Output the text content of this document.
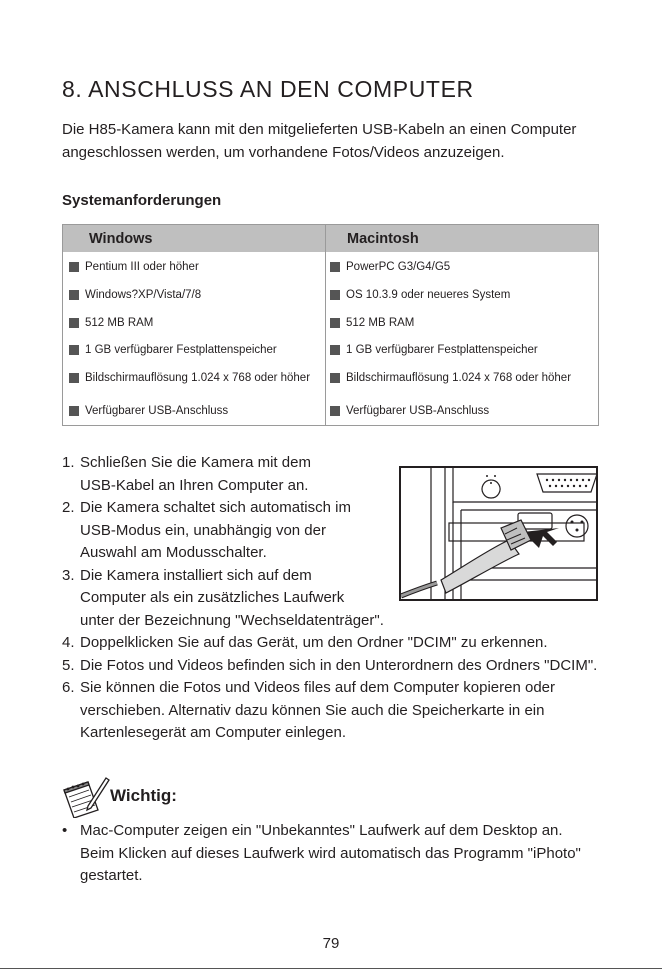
8. ANSCHLUSS AN DEN COMPUTER

Die H85-Kamera kann mit den mitgelieferten USB-Kabeln an einen Computer

angeschlossen werden, um vorhandene Fotos/Videos anzuzeigen.

Systemanforderungen
Windows	Macintosh
Pentium III oder höher
Windows?XP/Vista/7/8
512 MB RAM
1 GB verfügbarer Festplattenspeicher
Bildschirmauflösung 1.024 x 768 oder höher
Verfügbarer USB-Anschluss
PowerPC G3/G4/G5
OS 10.3.9 oder neueres System
512 MB RAM
1 GB verfügbarer Festplattenspeicher
Bildschirmauflösung 1.024 x 768 oder höher
Verfügbarer USB-Anschluss
1. Schließen Sie die Kamera mit dem
USB-Kabel an Ihren Computer an.
2. Die Kamera schaltet sich automatisch im
USB-Modus ein, unabhängig von der
Auswahl am Modusschalter.
3. Die Kamera installiert sich auf dem
Computer als ein zusätzliches Laufwerk
unter der Bezeichnung "Wechseldatenträger".
4. Doppelklicken Sie auf das Gerät, um den Ordner "DCIM" zu erkennen.
5. Die Fotos und Videos befinden sich in den Unterordnern des Ordners "DCIM".
6. Sie können die Fotos und Videos files auf dem Computer kopieren oder
verschieben. Alternativ dazu können Sie auch die Speicherkarte in ein
Kartenlesegerät am Computer einlegen.
Wichtig:
• Mac-Computer zeigen ein "Unbekanntes" Laufwerk auf dem Desktop an.
Beim Klicken auf dieses Laufwerk wird automatisch das Programm "iPhoto"
gestartet.
79
